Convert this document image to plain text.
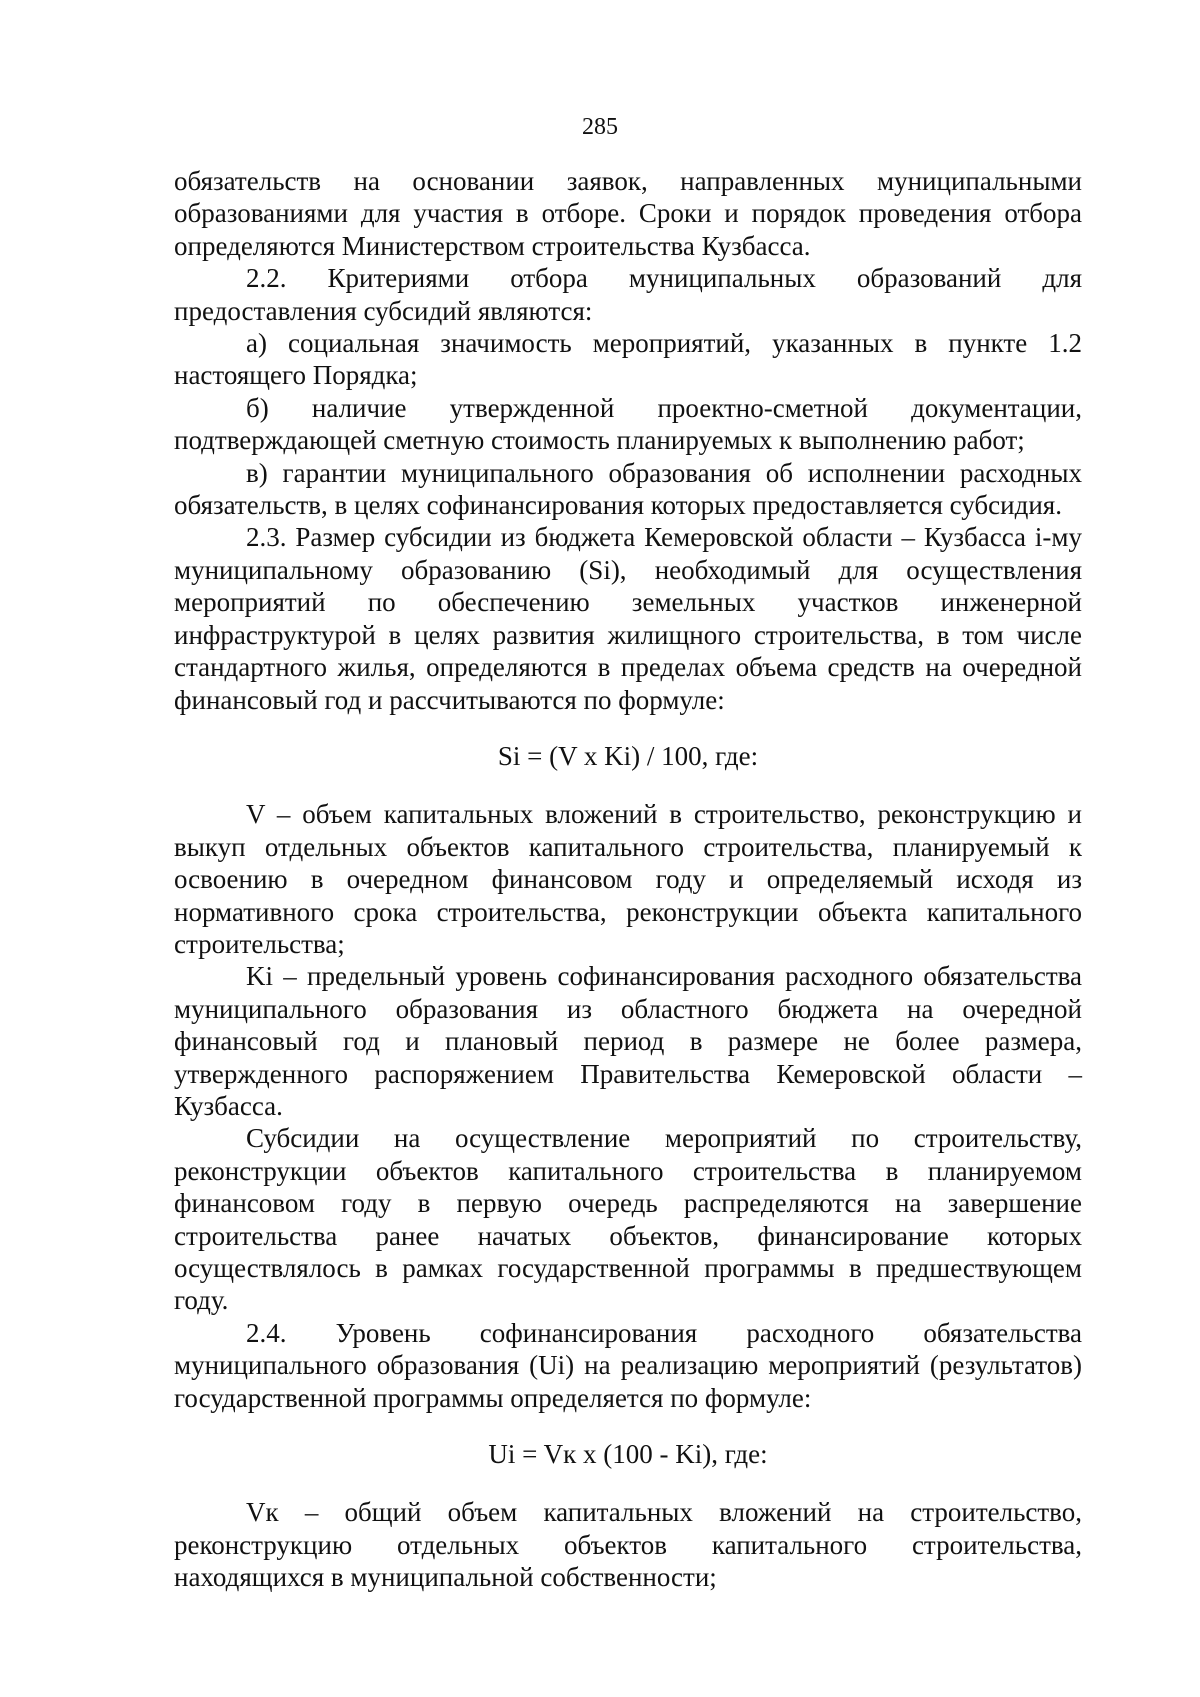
285

обязательств на основании заявок, направленных муниципальными образованиями для участия в отборе. Сроки и порядок проведения отбора определяются Министерством строительства Кузбасса.

2.2. Критериями отбора муниципальных образований для предоставления субсидий являются:

а) социальная значимость мероприятий, указанных в пункте 1.2 настоящего Порядка;

б) наличие утвержденной проектно-сметной документации, подтверждающей сметную стоимость планируемых к выполнению работ;

в) гарантии муниципального образования об исполнении расходных обязательств, в целях софинансирования которых предоставляется субсидия.

2.3. Размер субсидии из бюджета Кемеровской области – Кузбасса i-му муниципальному образованию (Si), необходимый для осуществления мероприятий по обеспечению земельных участков инженерной инфраструктурой в целях развития жилищного строительства, в том числе стандартного жилья, определяются в пределах объема средств на очередной финансовый год и рассчитываются по формуле:

Si = (V x Ki) / 100, где:

V – объем капитальных вложений в строительство, реконструкцию и выкуп отдельных объектов капитального строительства, планируемый к освоению в очередном финансовом году и определяемый исходя из нормативного срока строительства, реконструкции объекта капитального строительства;

Ki – предельный уровень софинансирования расходного обязательства муниципального образования из областного бюджета на очередной финансовый год и плановый период в размере не более размера, утвержденного распоряжением Правительства Кемеровской области – Кузбасса.

Субсидии на осуществление мероприятий по строительству, реконструкции объектов капитального строительства в планируемом финансовом году в первую очередь распределяются на завершение строительства ранее начатых объектов, финансирование которых осуществлялось в рамках государственной программы в предшествующем году.

2.4. Уровень софинансирования расходного обязательства муниципального образования (Ui) на реализацию мероприятий (результатов) государственной программы определяется по формуле:

Ui = Vк x (100 - Ki), где:

Vк – общий объем капитальных вложений на строительство, реконструкцию отдельных объектов капитального строительства, находящихся в муниципальной собственности;
